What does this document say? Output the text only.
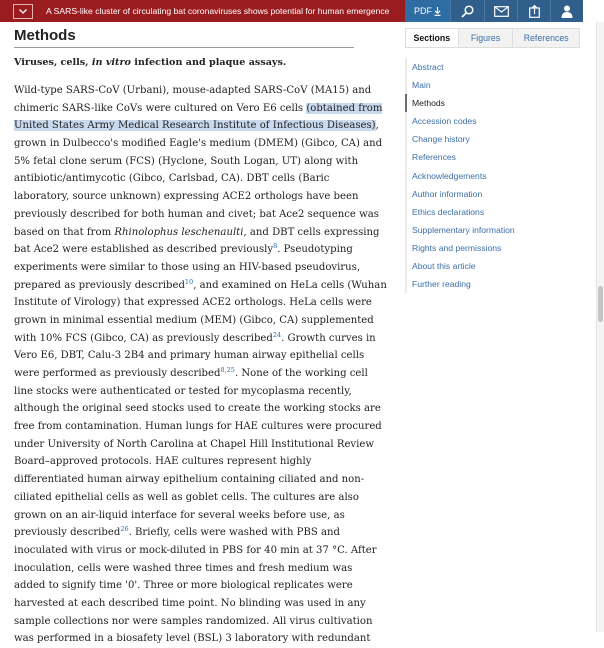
A SARS-like cluster of circulating bat coronaviruses shows potential for human emergence	PDF
Methods
Viruses, cells, in vitro infection and plaque assays.
Wild-type SARS-CoV (Urbani), mouse-adapted SARS-CoV (MA15) and
chimeric SARS-like CoVs were cultured on Vero E6 cells (obtained from
United States Army Medical Research Institute of Infectious Diseases),
grown in Dulbecco's modified Eagle's medium (DMEM) (Gibco, CA) and
5% fetal clone serum (FCS) (Hyclone, South Logan, UT) along with
antibiotic/antimycotic (Gibco, Carlsbad, CA). DBT cells (Baric
laboratory, source unknown) expressing ACE2 orthologs have been
previously described for both human and civet; bat Ace2 sequence was
based on that from Rhinolophus leschenaulti, and DBT cells expressing
bat Ace2 were established as described previously$^8$. Pseudotyping
experiments were similar to those using an HIV-based pseudovirus,
prepared as previously described$^{10}$, and examined on HeLa cells (Wuhan
Institute of Virology) that expressed ACE2 orthologs. HeLa cells were
grown in minimal essential medium (MEM) (Gibco, CA) supplemented
with 10% FCS (Gibco, CA) as previously described$^{24}$. Growth curves in
Vero E6, DBT, Calu-3 2B4 and primary human airway epithelial cells
were performed as previously described$^{8,25}$. None of the working cell
line stocks were authenticated or tested for mycoplasma recently,
although the original seed stocks used to create the working stocks are
free from contamination. Human lungs for HAE cultures were procured
under University of North Carolina at Chapel Hill Institutional Review
Board–approved protocols. HAE cultures represent highly
differentiated human airway epithelium containing ciliated and non-
ciliated epithelial cells as well as goblet cells. The cultures are also
grown on an air-liquid interface for several weeks before use, as
previously described$^{26}$. Briefly, cells were washed with PBS and
inoculated with virus or mock-diluted in PBS for 40 min at 37 °C. After
inoculation, cells were washed three times and fresh medium was
added to signify time '0'. Three or more biological replicates were
harvested at each described time point. No blinding was used in any
sample collections nor were samples randomized. All virus cultivation
was performed in a biosafety level (BSL) 3 laboratory with redundant
Sections	Figures	References
Abstract
Main
Methods
Accession codes
Change history
References
Acknowledgements
Author information
Ethics declarations
Supplementary information
Rights and permissions
About this article
Further reading
